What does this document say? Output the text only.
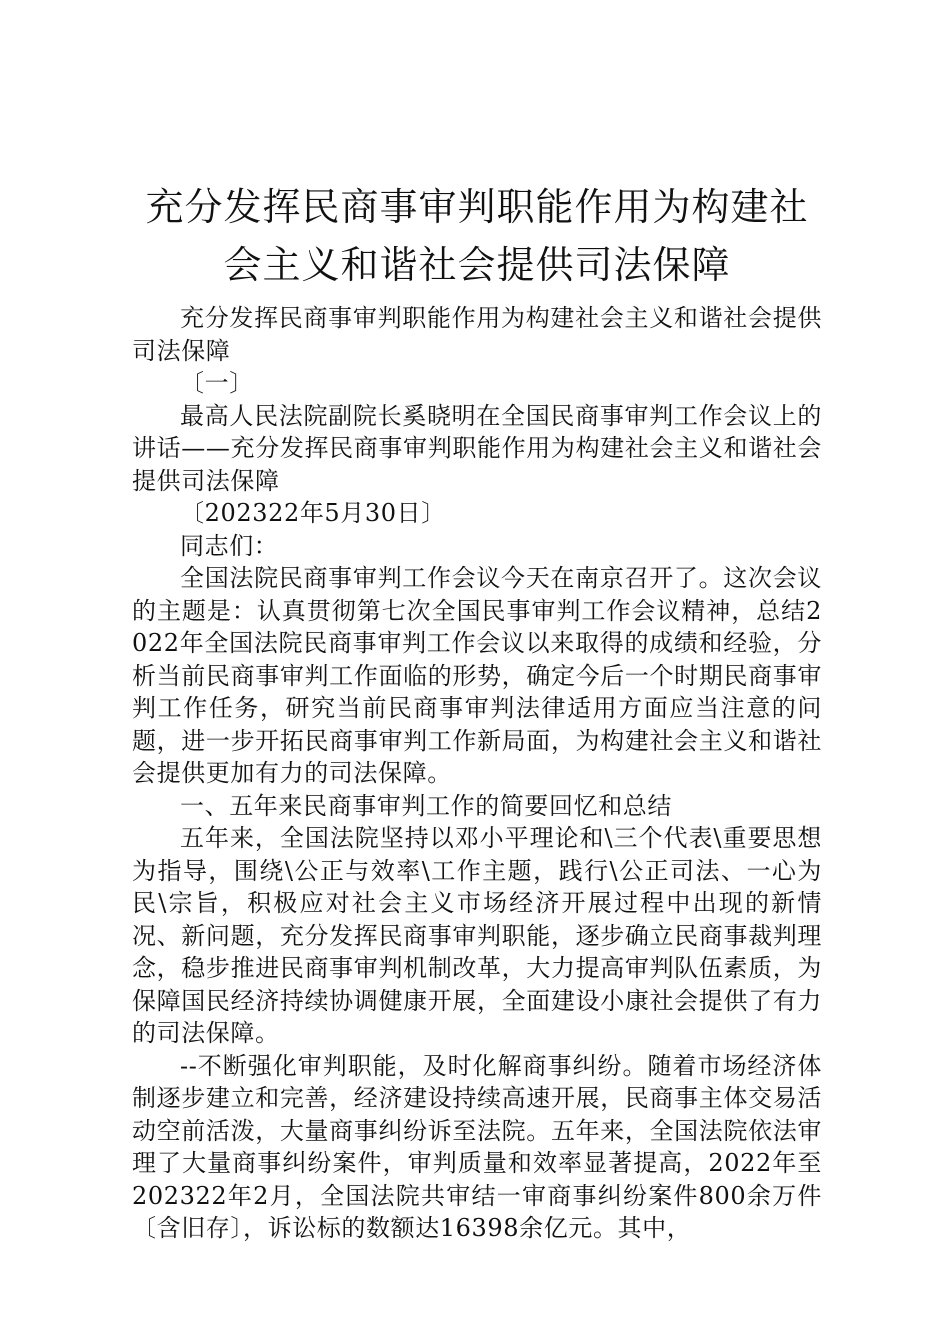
充分发挥民商事审判职能作用为构建社会主义和谐社会提供司法保障

充分发挥民商事审判职能作用为构建社会主义和谐社会提供司法保障

〔一〕

最高人民法院副院长奚晓明在全国民商事审判工作会议上的讲话——充分发挥民商事审判职能作用为构建社会主义和谐社会提供司法保障

〔202322年5月30日〕

同志们：

全国法院民商事审判工作会议今天在南京召开了。这次会议的主题是：认真贯彻第七次全国民事审判工作会议精神，总结2022年全国法院民商事审判工作会议以来取得的成绩和经验，分析当前民商事审判工作面临的形势，确定今后一个时期民商事审判工作任务，研究当前民商事审判法律适用方面应当注意的问题，进一步开拓民商事审判工作新局面，为构建社会主义和谐社会提供更加有力的司法保障。

一、五年来民商事审判工作的简要回忆和总结

五年来，全国法院坚持以邓小平理论和\三个代表\重要思想为指导，围绕\公正与效率\工作主题，践行\公正司法、一心为民\宗旨，积极应对社会主义市场经济开展过程中出现的新情况、新问题，充分发挥民商事审判职能，逐步确立民商事裁判理念，稳步推进民商事审判机制改革，大力提高审判队伍素质，为保障国民经济持续协调健康开展，全面建设小康社会提供了有力的司法保障。

--不断强化审判职能，及时化解商事纠纷。随着市场经济体制逐步建立和完善，经济建设持续高速开展，民商事主体交易活动空前活泼，大量商事纠纷诉至法院。五年来，全国法院依法审理了大量商事纠纷案件，审判质量和效率显著提高，2022年至202322年2月，全国法院共审结一审商事纠纷案件800余万件〔含旧存〕，诉讼标的数额达16398余亿元。其中，
